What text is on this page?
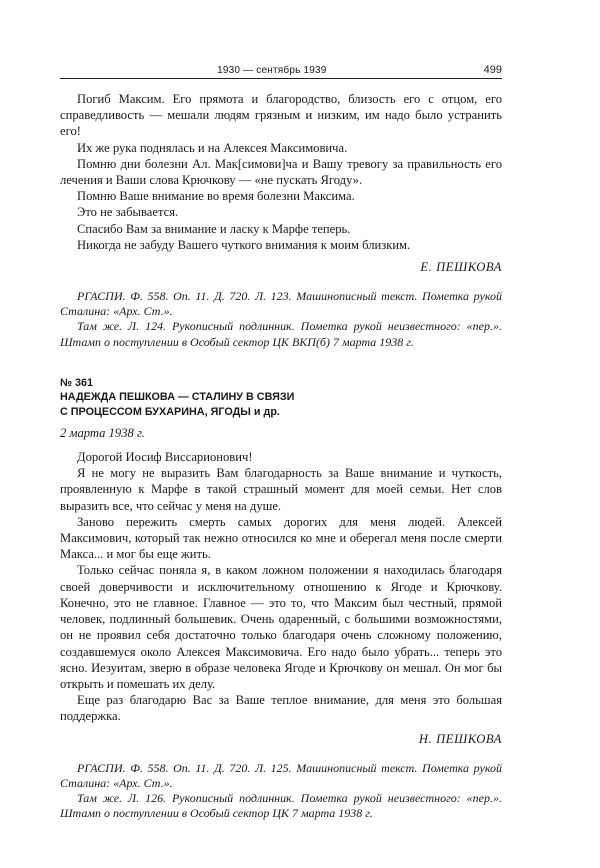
1930 — сентябрь 1939	499

Погиб Максим. Его прямота и благородство, близость его с отцом, его справедливость — мешали людям грязным и низким, им надо было устранить его!

Их же рука поднялась и на Алексея Максимовича.

Помню дни болезни Ал. Мак[симови]ча и Вашу тревогу за правильность его лечения и Ваши слова Крючкову — «не пускать Ягоду».

Помню Ваше внимание во время болезни Максима.

Это не забывается.

Спасибо Вам за внимание и ласку к Марфе теперь.

Никогда не забуду Вашего чуткого внимания к моим близким.

Е. ПЕШКОВА

РГАСПИ. Ф. 558. Оп. 11. Д. 720. Л. 123. Машинописный текст. Пометка рукой Сталина: «Арх. Ст.».

Там же. Л. 124. Рукописный подлинник. Пометка рукой неизвестного: «пер.». Штамп о поступлении в Особый сектор ЦК ВКП(б) 7 марта 1938 г.

№ 361

НАДЕЖДА ПЕШКОВА — СТАЛИНУ В СВЯЗИ

С ПРОЦЕССОМ БУХАРИНА, ЯГОДЫ и др.

2 марта 1938 г.

Дорогой Иосиф Виссарионович!

Я не могу не выразить Вам благодарность за Ваше внимание и чуткость, проявленную к Марфе в такой страшный момент для моей семьи. Нет слов выразить все, что сейчас у меня на душе.

Заново пережить смерть самых дорогих для меня людей. Алексей Максимович, который так нежно относился ко мне и оберегал меня после смерти Макса... и мог бы еще жить.

Только сейчас поняла я, в каком ложном положении я находилась благодаря своей доверчивости и исключительному отношению к Ягоде и Крючкову. Конечно, это не главное. Главное — это то, что Максим был честный, прямой человек, подлинный большевик. Очень одаренный, с большими возможностями, он не проявил себя достаточно только благодаря очень сложному положению, создавшемуся около Алексея Максимовича. Его надо было убрать... теперь это ясно. Иезуитам, зверю в образе человека Ягоде и Крючкову он мешал. Он мог бы открыть и помешать их делу.

Еще раз благодарю Вас за Ваше теплое внимание, для меня это большая поддержка.

Н. ПЕШКОВА

РГАСПИ. Ф. 558. Оп. 11. Д. 720. Л. 125. Машинописный текст. Пометка рукой Сталина: «Арх. Ст.».

Там же. Л. 126. Рукописный подлинник. Пометка рукой неизвестного: «пер.». Штамп о поступлении в Особый сектор ЦК 7 марта 1938 г.
